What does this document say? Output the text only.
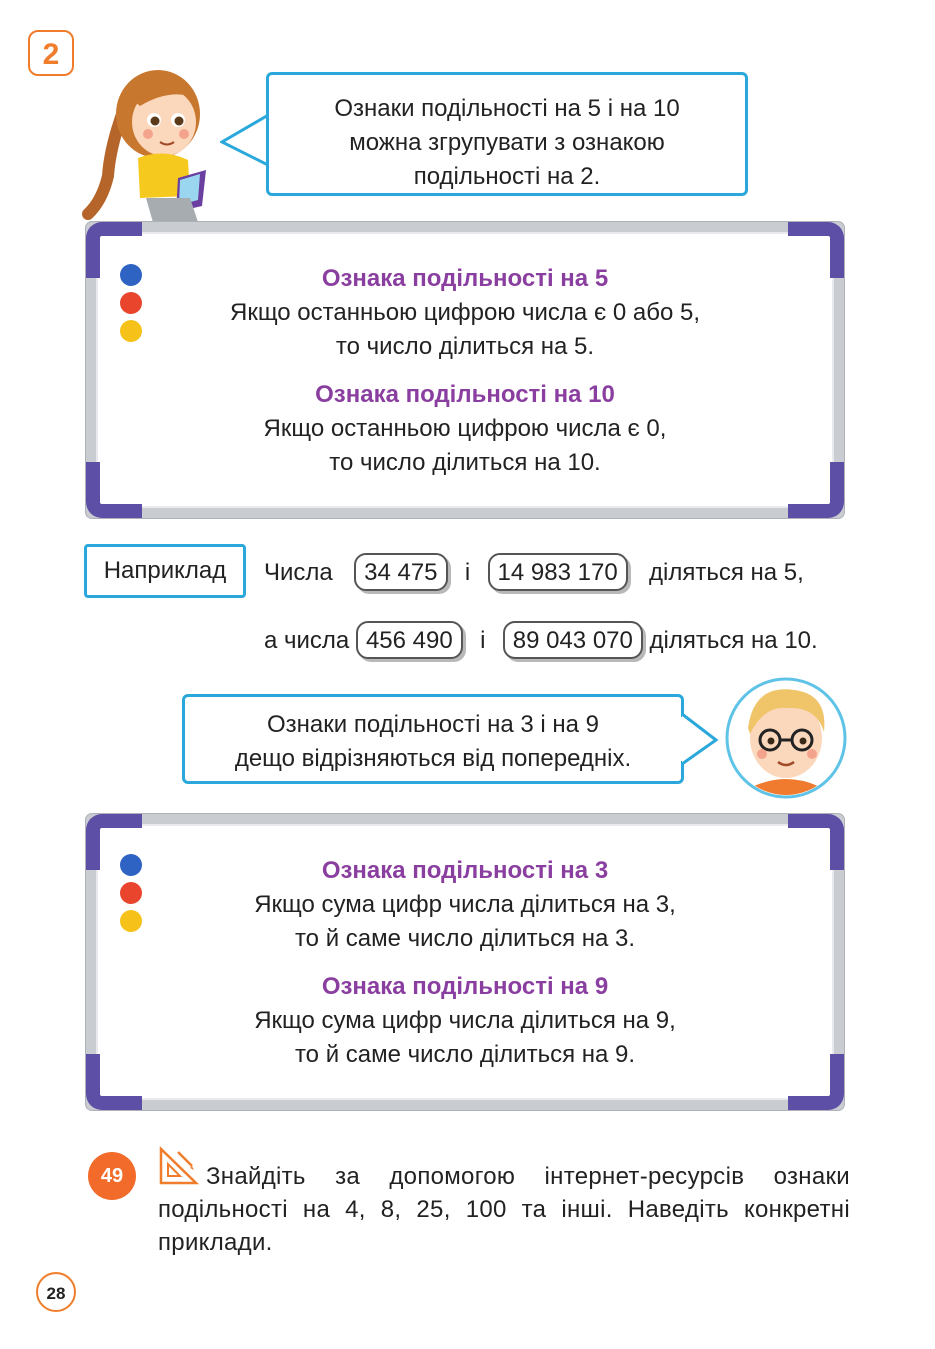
2
Ознаки подільності на 5 і на 10
можна згрупувати з ознакою
подільності на 2.
Ознака подільності на 5
Якщо останньою цифрою числа є 0 або 5,
то число ділиться на 5.
Ознака подільності на 10
Якщо останньою цифрою числа є 0,
то число ділиться на 10.
Наприклад	Числа 34 475 і 14 983 170 діляться на 5,
а числа 456 490 і 89 043 070 діляться на 10.
Ознаки подільності на 3 і на 9
дещо відрізняються від попередніх.
Ознака подільності на 3
Якщо сума цифр числа ділиться на 3,
то й саме число ділиться на 3.
Ознака подільності на 9
Якщо сума цифр числа ділиться на 9,
то й саме число ділиться на 9.
49	Знайдіть за допомогою інтернет-ресурсів ознаки подільності на 4, 8, 25, 100 та інші. Наведіть конкретні приклади.
28
